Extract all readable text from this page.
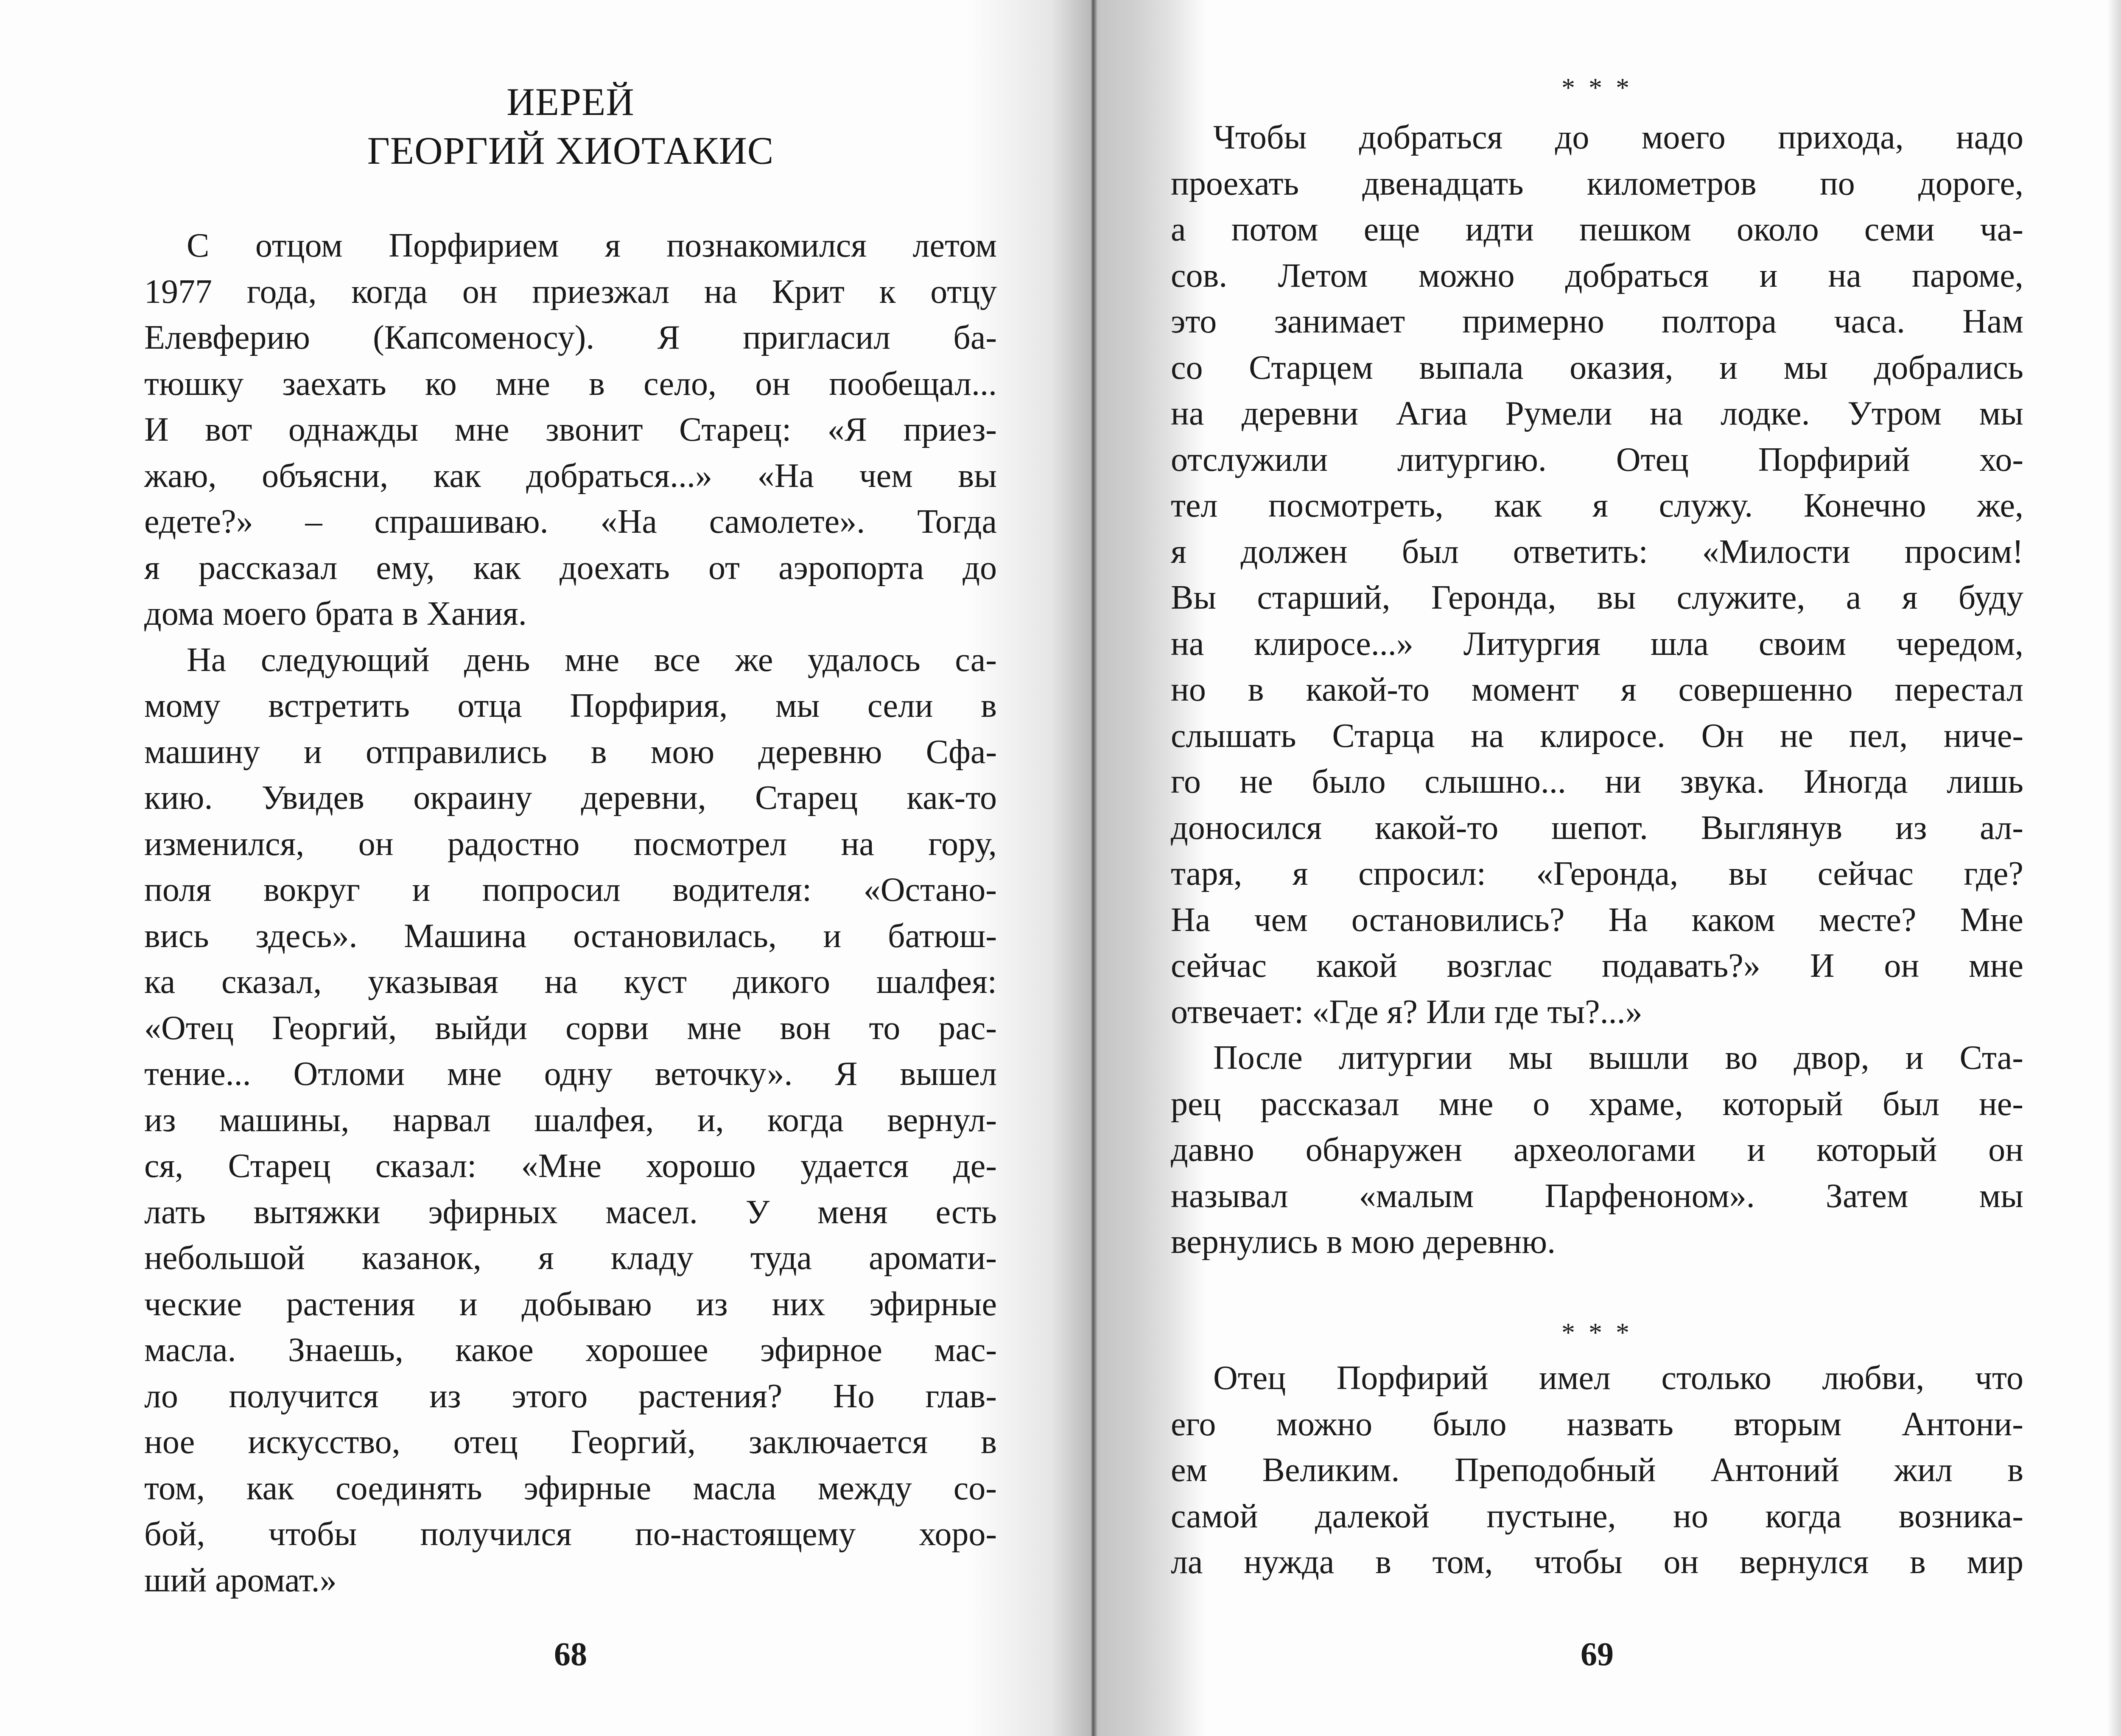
ИЕРЕЙ
ГЕОРГИЙ ХИОТАКИС
С отцом Порфирием я познакомился летом
1977 года, когда он приезжал на Крит к отцу
Елевферию (Капсоменосу). Я пригласил ба-
тюшку заехать ко мне в село, он пообещал...
И вот однажды мне звонит Старец: «Я приез-
жаю, объясни, как добраться...» «На чем вы
едете?» – спрашиваю. «На самолете». Тогда
я рассказал ему, как доехать от аэропорта до
дома моего брата в Хания.
На следующий день мне все же удалось са-
мому встретить отца Порфирия, мы сели в
машину и отправились в мою деревню Сфа-
кию. Увидев окраину деревни, Старец как-то
изменился, он радостно посмотрел на гору,
поля вокруг и попросил водителя: «Остано-
вись здесь». Машина остановилась, и батюш-
ка сказал, указывая на куст дикого шалфея:
«Отец Георгий, выйди сорви мне вон то рас-
тение... Отломи мне одну веточку». Я вышел
из машины, нарвал шалфея, и, когда вернул-
ся, Старец сказал: «Мне хорошо удается де-
лать вытяжки эфирных масел. У меня есть
небольшой казанок, я кладу туда аромати-
ческие растения и добываю из них эфирные
масла. Знаешь, какое хорошее эфирное мас-
ло получится из этого растения? Но глав-
ное искусство, отец Георгий, заключается в
том, как соединять эфирные масла между со-
бой, чтобы получился по-настоящему хоро-
ший аромат.»
68
* * *
Чтобы добраться до моего прихода, надо
проехать двенадцать километров по дороге,
а потом еще идти пешком около семи ча-
сов. Летом можно добраться и на пароме,
это занимает примерно полтора часа. Нам
со Старцем выпала оказия, и мы добрались
на деревни Агиа Румели на лодке. Утром мы
отслужили литургию. Отец Порфирий хо-
тел посмотреть, как я служу. Конечно же,
я должен был ответить: «Милости просим!
Вы старший, Геронда, вы служите, а я буду
на клиросе...» Литургия шла своим чередом,
но в какой-то момент я совершенно перестал
слышать Старца на клиросе. Он не пел, ниче-
го не было слышно... ни звука. Иногда лишь
доносился какой-то шепот. Выглянув из ал-
таря, я спросил: «Геронда, вы сейчас где?
На чем остановились? На каком месте? Мне
сейчас какой возглас подавать?» И он мне
отвечает: «Где я? Или где ты?...»
После литургии мы вышли во двор, и Ста-
рец рассказал мне о храме, который был не-
давно обнаружен археологами и который он
называл «малым Парфеноном». Затем мы
вернулись в мою деревню.
* * *
Отец Порфирий имел столько любви, что
его можно было назвать вторым Антони-
ем Великим. Преподобный Антоний жил в
самой далекой пустыне, но когда возника-
ла нужда в том, чтобы он вернулся в мир
69
